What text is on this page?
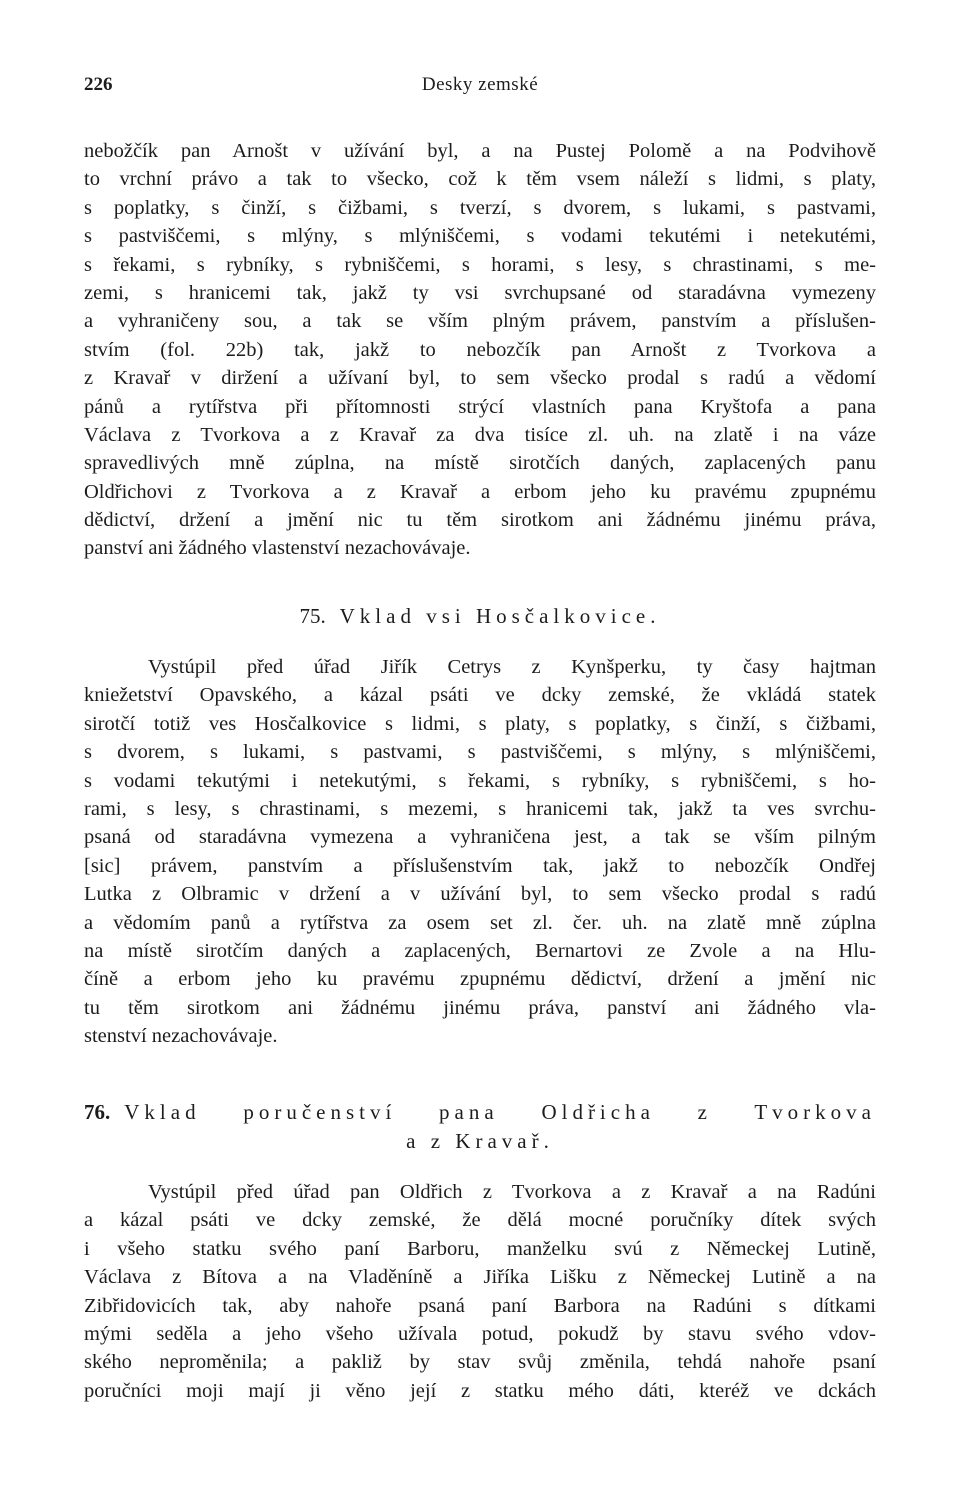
226	Desky zemské
nebožčík pan Arnošt v užívání byl, a na Pustej Polomě a na Podvihově
to vrchní právo a tak to všecko, což k těm vsem náleží s lidmi, s platy,
s poplatky, s činží, s čižbami, s tverzí, s dvorem, s lukami, s pastvami,
s pastviščemi, s mlýny, s mlýniščemi, s vodami tekutémi i netekutémi,
s řekami, s rybníky, s rybniščemi, s horami, s lesy, s chrastinami, s me-
zemi, s hranicemi tak, jakž ty vsi svrchupsané od staradávna vymezeny
a vyhraničeny sou, a tak se vším plným právem, panstvím a příslušen-
stvím (fol. 22b) tak, jakž to nebozčík pan Arnošt z Tvorkova a
z Kravař v diržení a užívaní byl, to sem všecko prodal s radú a vědomí
pánů a rytířstva při přítomnosti strýcí vlastních pana Kryštofa a pana
Václava z Tvorkova a z Kravař za dva tisíce zl. uh. na zlatě i na váze
spravedlivých mně zúplna, na místě sirotčích daných, zaplacených panu
Oldřichovi z Tvorkova a z Kravař a erbom jeho ku pravému zpupnému
dědictví, držení a jmění nic tu těm sirotkom ani žádnému jinému práva,
panství ani žádného vlastenství nezachovávaje.
75. Vklad vsi Hosčalkovice.
Vystúpil před úřad Jiřík Cetrys z Kynšperku, ty časy hajtman
kniežetství Opavského, a kázal psáti ve dcky zemské, že vkládá statek
sirotčí totiž ves Hosčalkovice s lidmi, s platy, s poplatky, s činží, s čižbami,
s dvorem, s lukami, s pastvami, s pastviščemi, s mlýny, s mlýniščemi,
s vodami tekutými i netekutými, s řekami, s rybníky, s rybniščemi, s ho-
rami, s lesy, s chrastinami, s mezemi, s hranicemi tak, jakž ta ves svrchu-
psaná od staradávna vymezena a vyhraničena jest, a tak se vším pilným
[sic] právem, panstvím a příslušenstvím tak, jakž to nebozčík Ondřej
Lutka z Olbramic v držení a v užívání byl, to sem všecko prodal s radú
a vědomím panů a rytířstva za osem set zl. čer. uh. na zlatě mně zúplna
na místě sirotčím daných a zaplacených, Bernartovi ze Zvole a na Hlu-
číně a erbom jeho ku pravému zpupnému dědictví, držení a jmění nic
tu těm sirotkom ani žádnému jinému práva, panství ani žádného vla-
stenství nezachovávaje.
76. Vklad poručenství pana Oldřicha z Tvorkova
a z Kravař.
Vystúpil před úřad pan Oldřich z Tvorkova a z Kravař a na Radúni
a kázal psáti ve dcky zemské, že dělá mocné poručníky dítek svých
i všeho statku svého paní Barboru, manželku svú z Německej Lutině,
Václava z Bítova a na Vladěníně a Jiříka Lišku z Německej Lutině a na
Zibřidovicích tak, aby nahoře psaná paní Barbora na Radúni s dítkami
mými seděla a jeho všeho užívala potud, pokudž by stavu svého vdov-
ského neproměnila; a pakliž by stav svůj změnila, tehdá nahoře psaní
poručníci moji mají ji věno její z statku mého dáti, kteréž ve dckách
